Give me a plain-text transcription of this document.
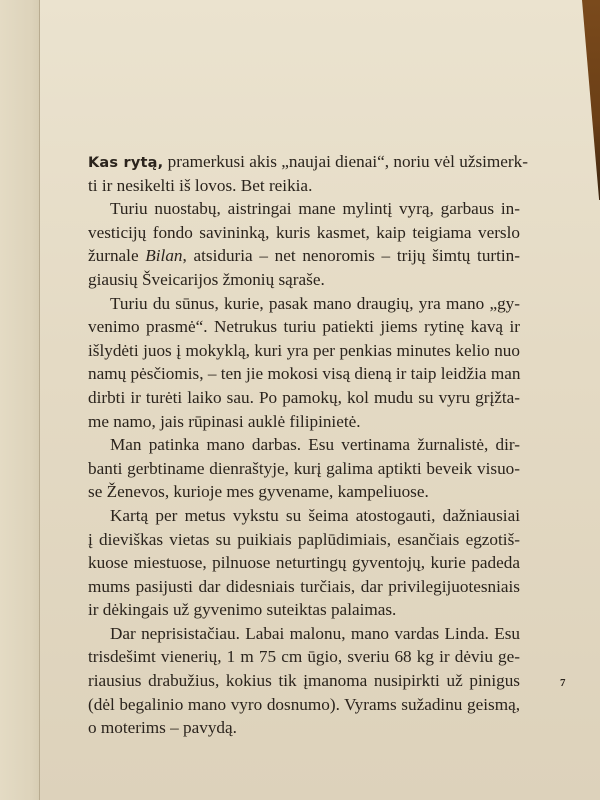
Kas rytą, pramerkusi akis „naujai dienai“, noriu vėl užsimerk-
ti ir nesikelti iš lovos. Bet reikia.
Turiu nuostabų, aistringai mane mylintį vyrą, garbaus in-
vesticijų fondo savininką, kuris kasmet, kaip teigiama verslo
žurnale Bilan, atsiduria – net nenoromis – trijų šimtų turtin-
giausių Šveicarijos žmonių sąraše.
Turiu du sūnus, kurie, pasak mano draugių, yra mano „gy-
venimo prasmė“. Netrukus turiu patiekti jiems rytinę kavą ir
išlydėti juos į mokyklą, kuri yra per penkias minutes kelio nuo
namų pėsčiomis, – ten jie mokosi visą dieną ir taip leidžia man
dirbti ir turėti laiko sau. Po pamokų, kol mudu su vyru grįžta-
me namo, jais rūpinasi auklė filipinietė.
Man patinka mano darbas. Esu vertinama žurnalistė, dir-
banti gerbtiname dienraštyje, kurį galima aptikti beveik visuo-
se Ženevos, kurioje mes gyvename, kampeliuose.
Kartą per metus vykstu su šeima atostogauti, dažniausiai
į dieviškas vietas su puikiais paplūdimiais, esančiais egzotiš-
kuose miestuose, pilnuose neturtingų gyventojų, kurie padeda
mums pasijusti dar didesniais turčiais, dar privilegijuotesniais
ir dėkingais už gyvenimo suteiktas palaimas.
Dar neprisistačiau. Labai malonu, mano vardas Linda. Esu
trisdešimt vienerių, 1 m 75 cm ūgio, sveriu 68 kg ir dėviu ge-
riausius drabužius, kokius tik įmanoma nusipirkti už pinigus
(dėl begalinio mano vyro dosnumo). Vyrams sužadinu geismą,
o moterims – pavydą.
7
